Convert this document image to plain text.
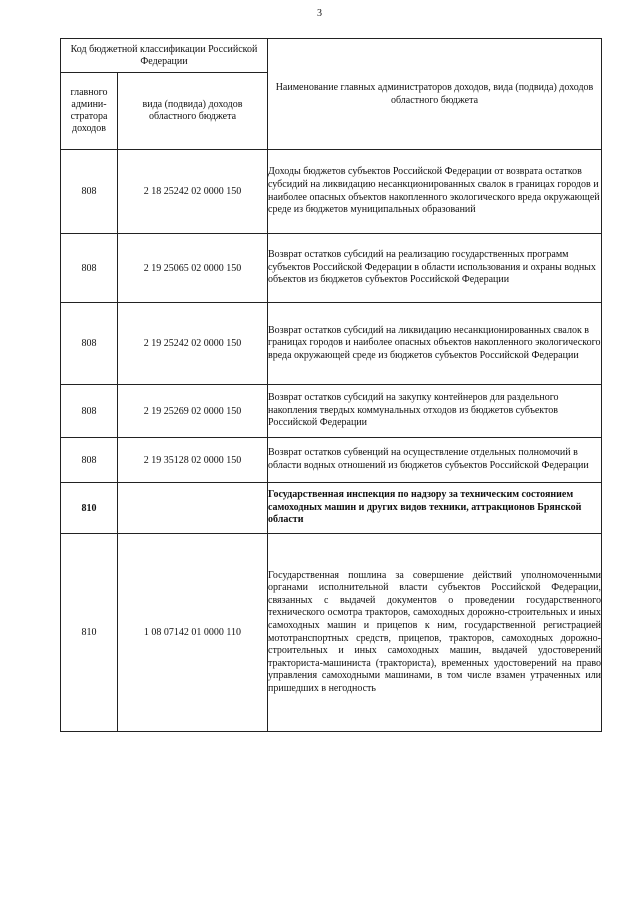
3
Код бюджетной классификации Российской Федерации		Наименование главных администраторов доходов, вида (подвида) доходов областного бюджета
главного админи-стратора доходов	вида (подвида) доходов областного бюджета	
808	2 18 25242 02 0000 150	Доходы бюджетов субъектов Российской Федерации от возврата остатков субсидий на ликвидацию несанкционированных свалок в границах городов и наиболее опасных объектов накопленного экологического вреда окружающей среде из бюджетов муниципальных образований
808	2 19 25065 02 0000 150	Возврат остатков субсидий на реализацию государственных программ субъектов Российской Федерации в области использования и охраны водных объектов из бюджетов субъектов Российской Федерации
808	2 19 25242 02 0000 150	Возврат остатков субсидий на ликвидацию несанкционированных свалок в границах городов и наиболее опасных объектов накопленного экологического вреда окружающей среде из бюджетов субъектов Российской Федерации
808	2 19 25269 02 0000 150	Возврат остатков субсидий на закупку контейнеров для раздельного накопления твердых коммунальных отходов из бюджетов субъектов Российской Федерации
808	2 19 35128 02 0000 150	Возврат остатков субвенций на осуществление отдельных полномочий в области водных отношений из бюджетов субъектов Российской Федерации
810		Государственная инспекция по надзору за техническим состоянием самоходных машин и других видов техники, аттракционов Брянской области
810	1 08 07142 01 0000 110	Государственная пошлина за совершение действий уполномоченными органами исполнительной власти субъектов Российской Федерации, связанных с выдачей документов о проведении государственного технического осмотра тракторов, самоходных дорожно-строительных и иных самоходных машин и прицепов к ним, государственной регистрацией мототранспортных средств, прицепов, тракторов, самоходных дорожно-строительных и иных самоходных машин, выдачей удостоверений тракториста-машиниста (тракториста), временных удостоверений на право управления самоходными машинами, в том числе взамен утраченных или пришедших в негодность
